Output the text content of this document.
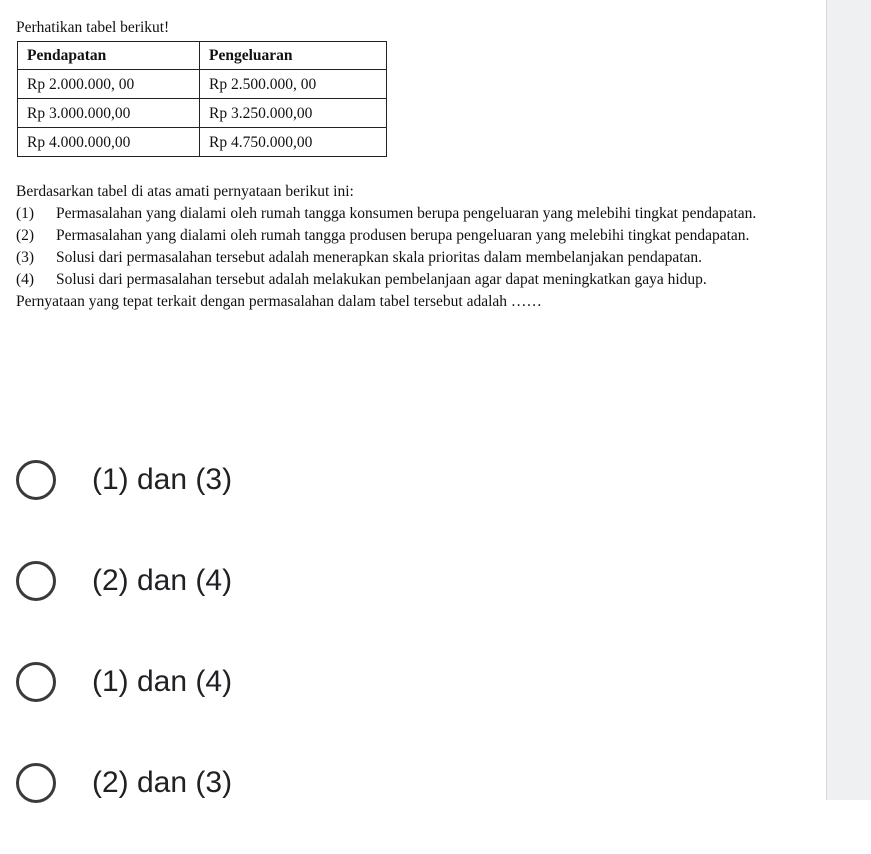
Perhatikan tabel berikut!
Pendapatan	Pengeluaran
Rp 2.000.000, 00	Rp 2.500.000, 00
Rp 3.000.000,00	Rp 3.250.000,00
Rp 4.000.000,00	Rp 4.750.000,00
Berdasarkan tabel di atas amati pernyataan berikut ini:
(1)	Permasalahan yang dialami oleh rumah tangga konsumen berupa pengeluaran yang melebihi tingkat pendapatan.
(2)	Permasalahan yang dialami oleh rumah tangga produsen berupa pengeluaran yang melebihi tingkat pendapatan.
(3)	Solusi dari permasalahan tersebut adalah menerapkan skala prioritas dalam membelanjakan pendapatan.
(4)	Solusi dari permasalahan tersebut adalah melakukan pembelanjaan agar dapat meningkatkan gaya hidup.
Pernyataan yang tepat terkait dengan permasalahan dalam tabel tersebut adalah ……
(1) dan (3)
(2) dan (4)
(1) dan (4)
(2) dan (3)
